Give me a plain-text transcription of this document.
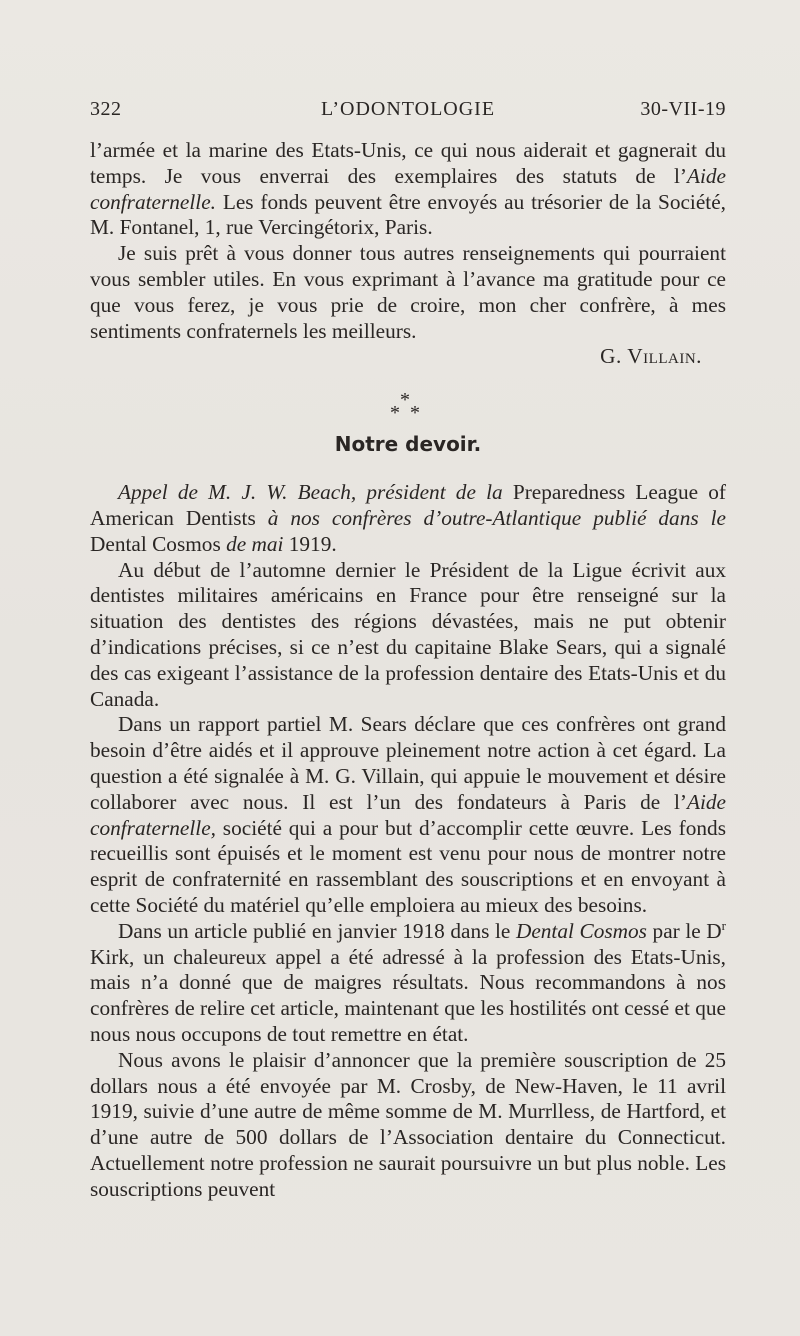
322	L’ODONTOLOGIE	30-VII-19

l’armée et la marine des Etats-Unis, ce qui nous aiderait et gagnerait du temps. Je vous enverrai des exemplaires des statuts de l’Aide confraternelle. Les fonds peuvent être envoyés au trésorier de la Société, M. Fontanel, 1, rue Vercingétorix, Paris.

Je suis prêt à vous donner tous autres renseignements qui pourraient vous sembler utiles. En vous exprimant à l’avance ma gratitude pour ce que vous ferez, je vous prie de croire, mon cher confrère, à mes sentiments confraternels les meilleurs.

G. Villain.
*
* *
Notre devoir.

Appel de M. J. W. Beach, président de la Preparedness League of American Dentists à nos confrères d’outre-Atlantique publié dans le Dental Cosmos de mai 1919.

Au début de l’automne dernier le Président de la Ligue écrivit aux dentistes militaires américains en France pour être renseigné sur la situation des dentistes des régions dévastées, mais ne put obtenir d’indications précises, si ce n’est du capitaine Blake Sears, qui a signalé des cas exigeant l’assistance de la profession dentaire des Etats-Unis et du Canada.

Dans un rapport partiel M. Sears déclare que ces confrères ont grand besoin d’être aidés et il approuve pleinement notre action à cet égard. La question a été signalée à M. G. Villain, qui appuie le mouvement et désire collaborer avec nous. Il est l’un des fondateurs à Paris de l’Aide confraternelle, société qui a pour but d’accomplir cette œuvre. Les fonds recueillis sont épuisés et le moment est venu pour nous de montrer notre esprit de confraternité en rassemblant des souscriptions et en envoyant à cette Société du matériel qu’elle emploiera au mieux des besoins.

Dans un article publié en janvier 1918 dans le Dental Cosmos par le $D^r$ Kirk, un chaleureux appel a été adressé à la profession des Etats-Unis, mais n’a donné que de maigres résultats. Nous recommandons à nos confrères de relire cet article, maintenant que les hostilités ont cessé et que nous nous occupons de tout remettre en état.

Nous avons le plaisir d’annoncer que la première souscription de 25 dollars nous a été envoyée par M. Crosby, de New-Haven, le 11 avril 1919, suivie d’une autre de même somme de M. Murrlless, de Hartford, et d’une autre de 500 dollars de l’Association dentaire du Connecticut. Actuellement notre profession ne saurait poursuivre un but plus noble. Les souscriptions peuvent
